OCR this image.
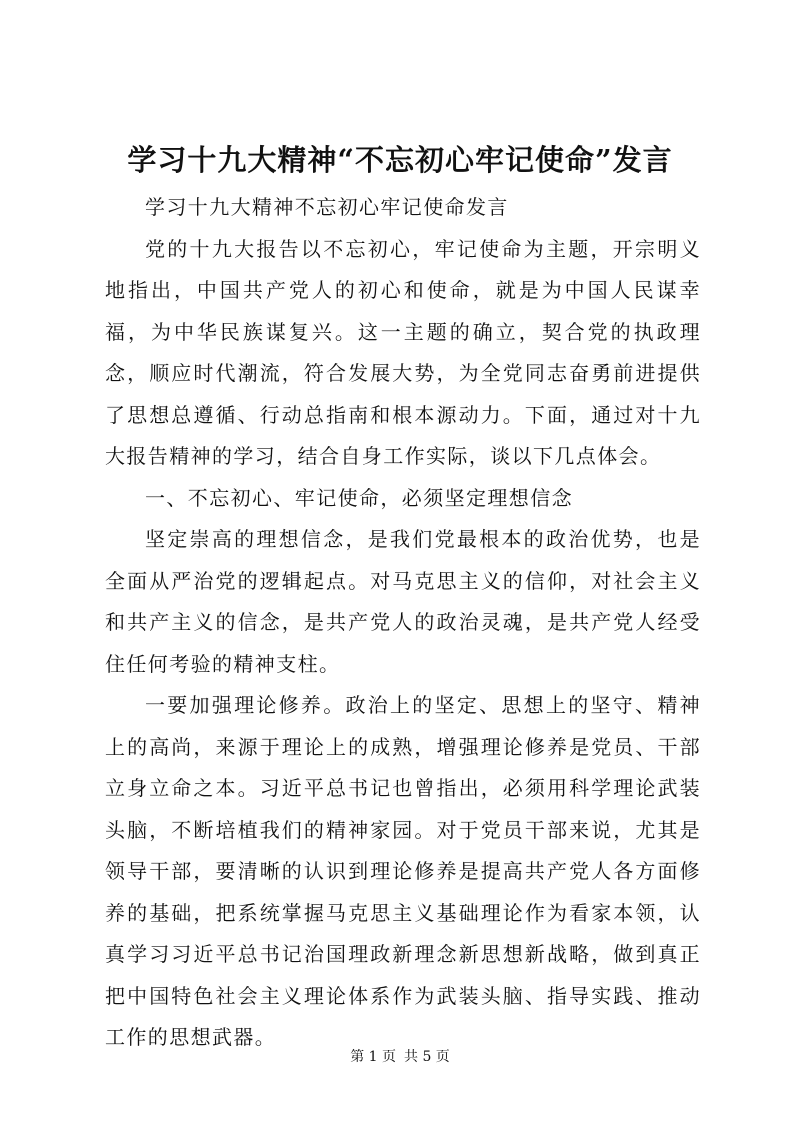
学习十九大精神“不忘初心牢记使命”发言

学习十九大精神不忘初心牢记使命发言

党的十九大报告以不忘初心，牢记使命为主题，开宗明义地指出，中国共产党人的初心和使命，就是为中国人民谋幸福，为中华民族谋复兴。这一主题的确立，契合党的执政理念，顺应时代潮流，符合发展大势，为全党同志奋勇前进提供了思想总遵循、行动总指南和根本源动力。下面，通过对十九大报告精神的学习，结合自身工作实际，谈以下几点体会。

一、不忘初心、牢记使命，必须坚定理想信念

坚定崇高的理想信念，是我们党最根本的政治优势，也是全面从严治党的逻辑起点。对马克思主义的信仰，对社会主义和共产主义的信念，是共产党人的政治灵魂，是共产党人经受住任何考验的精神支柱。

一要加强理论修养。政治上的坚定、思想上的坚守、精神上的高尚，来源于理论上的成熟，增强理论修养是党员、干部立身立命之本。习近平总书记也曾指出，必须用科学理论武装头脑，不断培植我们的精神家园。对于党员干部来说，尤其是领导干部，要清晰的认识到理论修养是提高共产党人各方面修养的基础，把系统掌握马克思主义基础理论作为看家本领，认真学习习近平总书记治国理政新理念新思想新战略，做到真正把中国特色社会主义理论体系作为武装头脑、指导实践、推动工作的思想武器。

第 1 页 共 5 页
